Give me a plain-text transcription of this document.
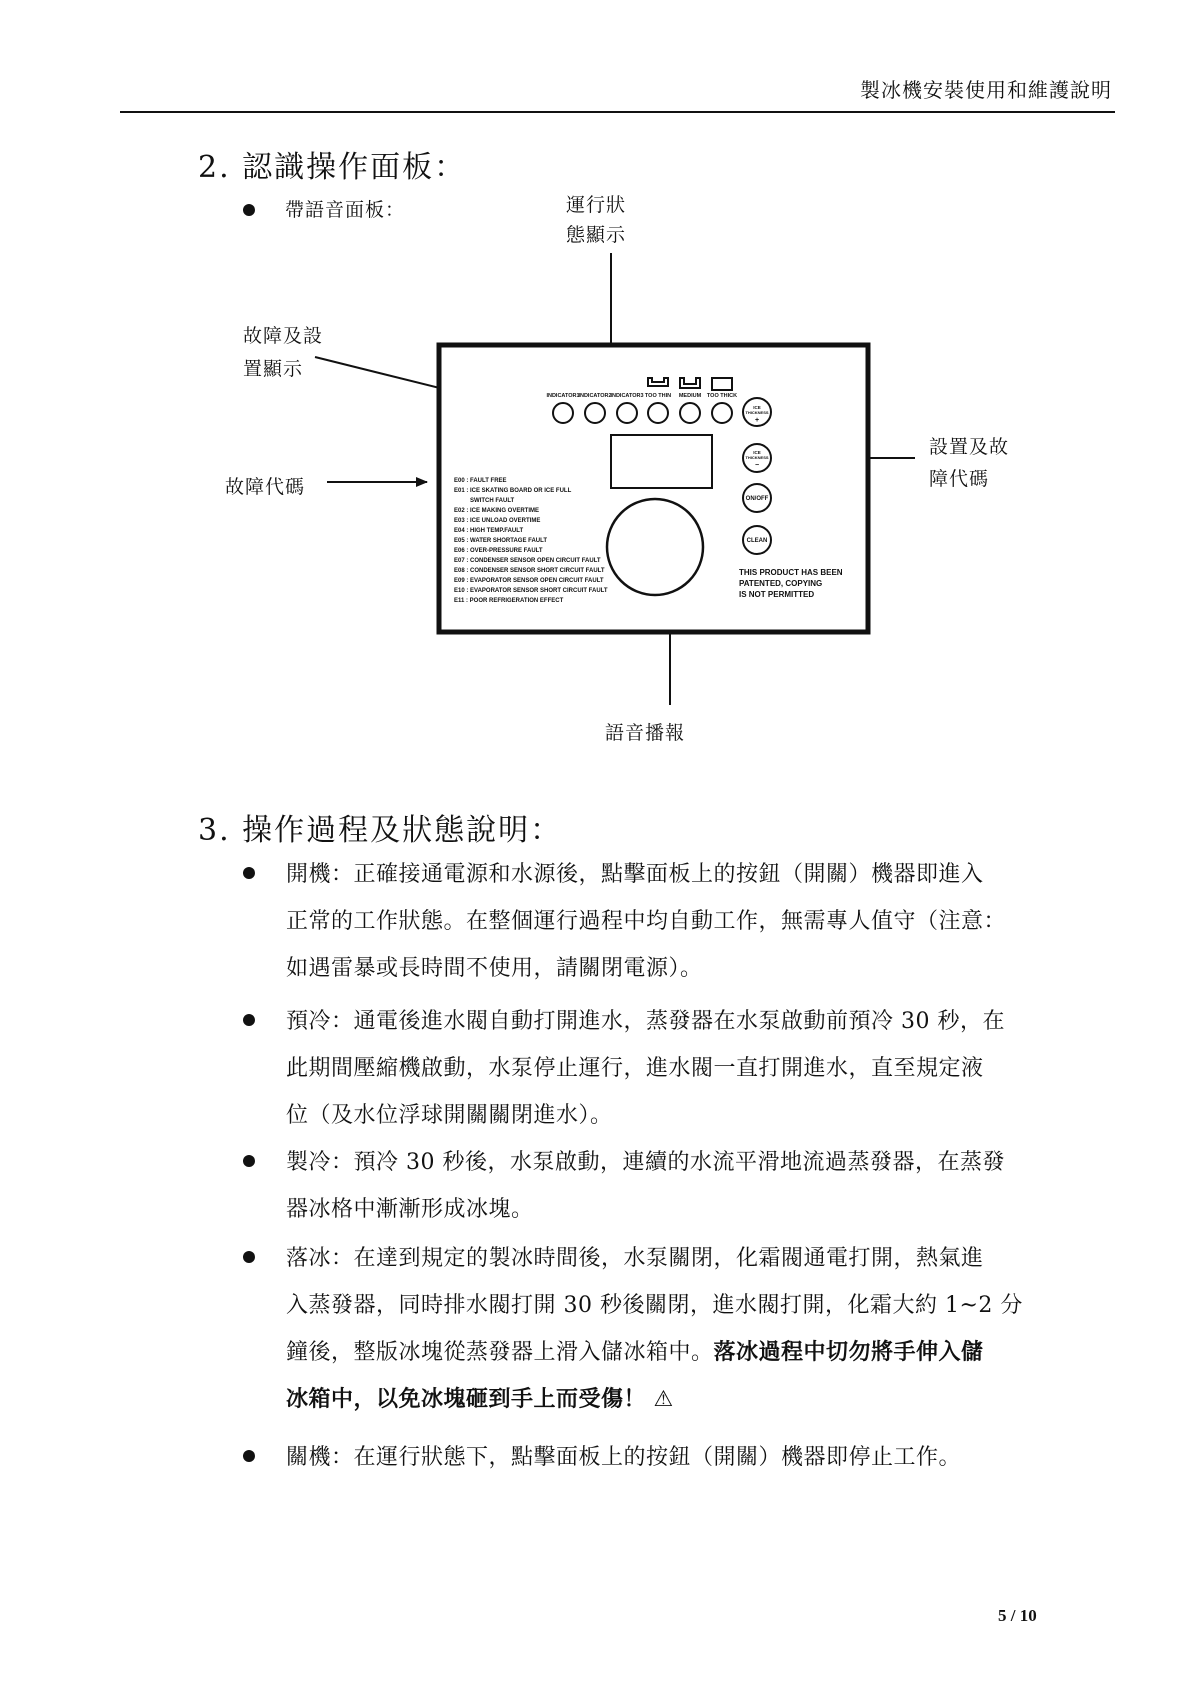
製冰機安裝使用和維護說明
2. 認識操作面板：
帶語音面板：	運行狀
態顯示
故障及設
置顯示
故障代碼
設置及故
障代碼
語音播報
INDICATOR1
INDICATOR2
INDICATOR3 TOO THIN MEDIUM TOO THICK
ICE
THICKNESS
+
ICE
THICKNESS
−
ON/OFF
CLEAN
E00 : FAULT FREE
E01 : ICE SKATING BOARD OR ICE FULL
SWITCH FAULT
E02 : ICE MAKING OVERTIME
E03 : ICE UNLOAD OVERTIME
E04 : HIGH TEMP.FAULT
E05 : WATER SHORTAGE FAULT
E06 : OVER-PRESSURE FAULT
E07 : CONDENSER SENSOR OPEN CIRCUIT FAULT
E08 : CONDENSER SENSOR SHORT CIRCUIT FAULT
E09 : EVAPORATOR SENSOR OPEN CIRCUIT FAULT
E10 : EVAPORATOR SENSOR SHORT CIRCUIT FAULT
E11 : POOR REFRIGERATION EFFECT
THIS PRODUCT HAS BEEN
PATENTED, COPYING
IS NOT PERMITTED
3. 操作過程及狀態說明：
開機：正確接通電源和水源後，點擊面板上的按鈕（開關）機器即進入
正常的工作狀態。在整個運行過程中均自動工作，無需專人值守（注意：
如遇雷暴或長時間不使用，請關閉電源）。
預冷：通電後進水閥自動打開進水，蒸發器在水泵啟動前預冷 30 秒，在
此期間壓縮機啟動，水泵停止運行，進水閥一直打開進水，直至規定液
位（及水位浮球開關關閉進水）。
製冷：預冷 30 秒後，水泵啟動，連續的水流平滑地流過蒸發器，在蒸發
器冰格中漸漸形成冰塊。
落冰：在達到規定的製冰時間後，水泵關閉，化霜閥通電打開，熱氣進
入蒸發器，同時排水閥打開 30 秒後關閉，進水閥打開，化霜大約 1~2 分
鐘後，整版冰塊從蒸發器上滑入儲冰箱中。落冰過程中切勿將手伸入儲
冰箱中，以免冰塊砸到手上而受傷！ ⚠
關機：在運行狀態下，點擊面板上的按鈕（開關）機器即停止工作。
5 / 10
